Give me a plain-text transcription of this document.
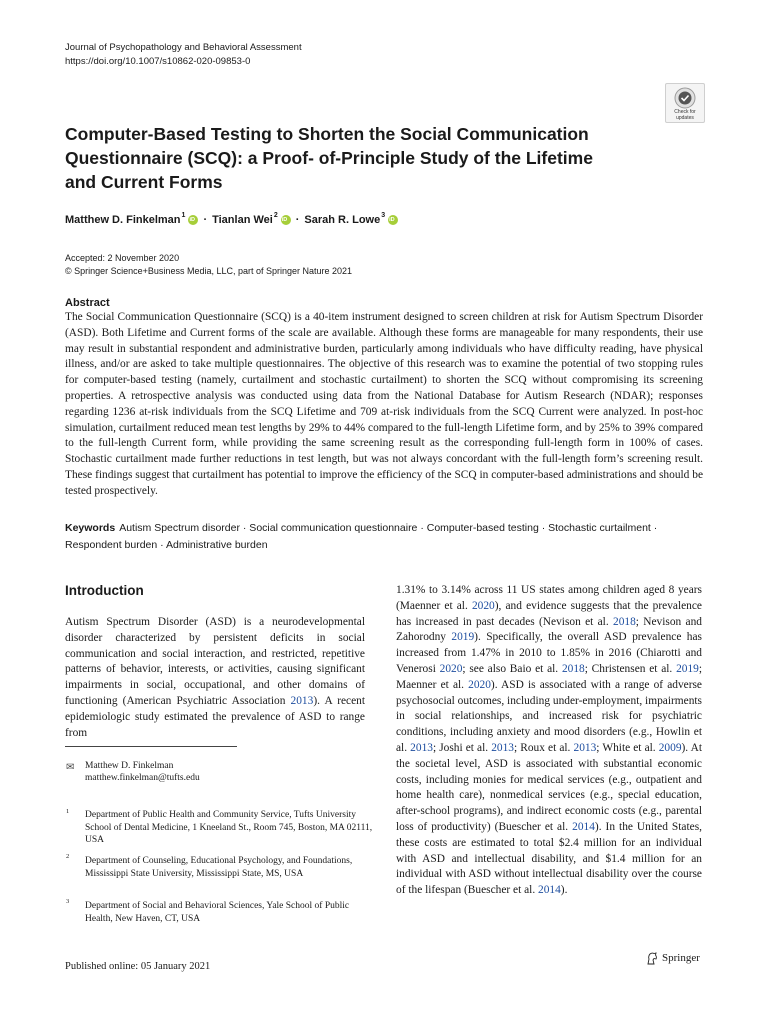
Journal of Psychopathology and Behavioral Assessment
https://doi.org/10.1007/s10862-020-09853-0
Check for updates
Computer-Based Testing to Shorten the Social Communication
Questionnaire (SCQ): a Proof- of-Principle Study of the Lifetime
and Current Forms
Matthew D. Finkelman$^1$ iD · Tianlan Wei$^2$ iD · Sarah R. Lowe$^3$
iD
Accepted: 2 November 2020
© Springer Science+Business Media, LLC, part of Springer Nature 2021
Abstract

The Social Communication Questionnaire (SCQ) is a 40-item instrument designed to screen children at risk for Autism Spectrum Disorder (ASD). Both Lifetime and Current forms of the scale are available. Although these forms are manageable for many respondents, their use may result in substantial respondent and administrative burden, particularly among individuals who have difficulty reading, have physical illness, and/or are asked to take multiple questionnaires. The objective of this research was to examine the potential of two stopping rules for computer-based testing (namely, curtailment and stochastic curtailment) to shorten the SCQ without compromising its screening properties. A retrospective analysis was conducted using data from the National Database for Autism Research (NDAR); responses regarding 1236 at-risk individuals from the SCQ Lifetime and 709 at-risk individuals from the SCQ Current were analyzed. In post-hoc simulation, curtailment reduced mean test lengths by 29% to 44% compared to the full-length Lifetime form, and by 25% to 39% compared to the full-length Current form, while providing the same screening result as the corresponding full-length form in 100% of cases. Stochastic curtailment made further reductions in test length, but was not always concordant with the full-length form’s screening result. These findings suggest that curtailment has potential to improve the efficiency of the SCQ in computer-based administrations and should be tested prospectively.

Keywords Autism Spectrum disorder · Social communication questionnaire · Computer-based testing · Stochastic curtailment · Respondent burden · Administrative burden
Introduction

Autism Spectrum Disorder (ASD) is a neurodevelopmental disorder characterized by persistent deficits in social communication and social interaction, and restricted, repetitive patterns of behavior, interests, or activities, causing significant impairments in social, occupational, and other domains of functioning (American Psychiatric Association 2013). A recent epidemiologic study estimated the prevalence of ASD to range from

1.31% to 3.14% across 11 US states among children aged 8 years (Maenner et al. 2020), and evidence suggests that the prevalence has increased in past decades (Nevison et al. 2018; Nevison and Zahorodny 2019). Specifically, the overall ASD prevalence has increased from 1.47% in 2010 to 1.85% in 2016 (Chiarotti and Venerosi 2020; see also Baio et al. 2018; Christensen et al. 2019; Maenner et al. 2020). ASD is associated with a range of adverse psychosocial outcomes, including under-employment, impairments in social relationships, and increased risk for psychiatric conditions, including anxiety and mood disorders (e.g., Howlin et al. 2013; Joshi et al. 2013; Roux et al. 2013; White et al. 2009). At the societal level, ASD is associated with substantial economic costs, including monies for medical services (e.g., outpatient and home health care), nonmedical services (e.g., special education, after-school programs), and indirect economic costs (e.g., parental loss of productivity) (Buescher et al. 2014). In the United States, these costs are estimated to total $2.4 million for an individual with ASD and intellectual disability, and $1.4 million for an individual with ASD without intellectual disability over the course of the lifespan (Buescher et al. 2014).

✉ Matthew D. Finkelman
matthew.finkelman@tufts.edu
1 Department of Public Health and Community Service, Tufts University School of Dental Medicine, 1 Kneeland St., Room 745, Boston, MA 02111, USA
2 Department of Counseling, Educational Psychology, and Foundations, Mississippi State University, Mississippi State, MS, USA
3 Department of Social and Behavioral Sciences, Yale School of Public Health, New Haven, CT, USA
Published online: 05 January 2021
Springer
